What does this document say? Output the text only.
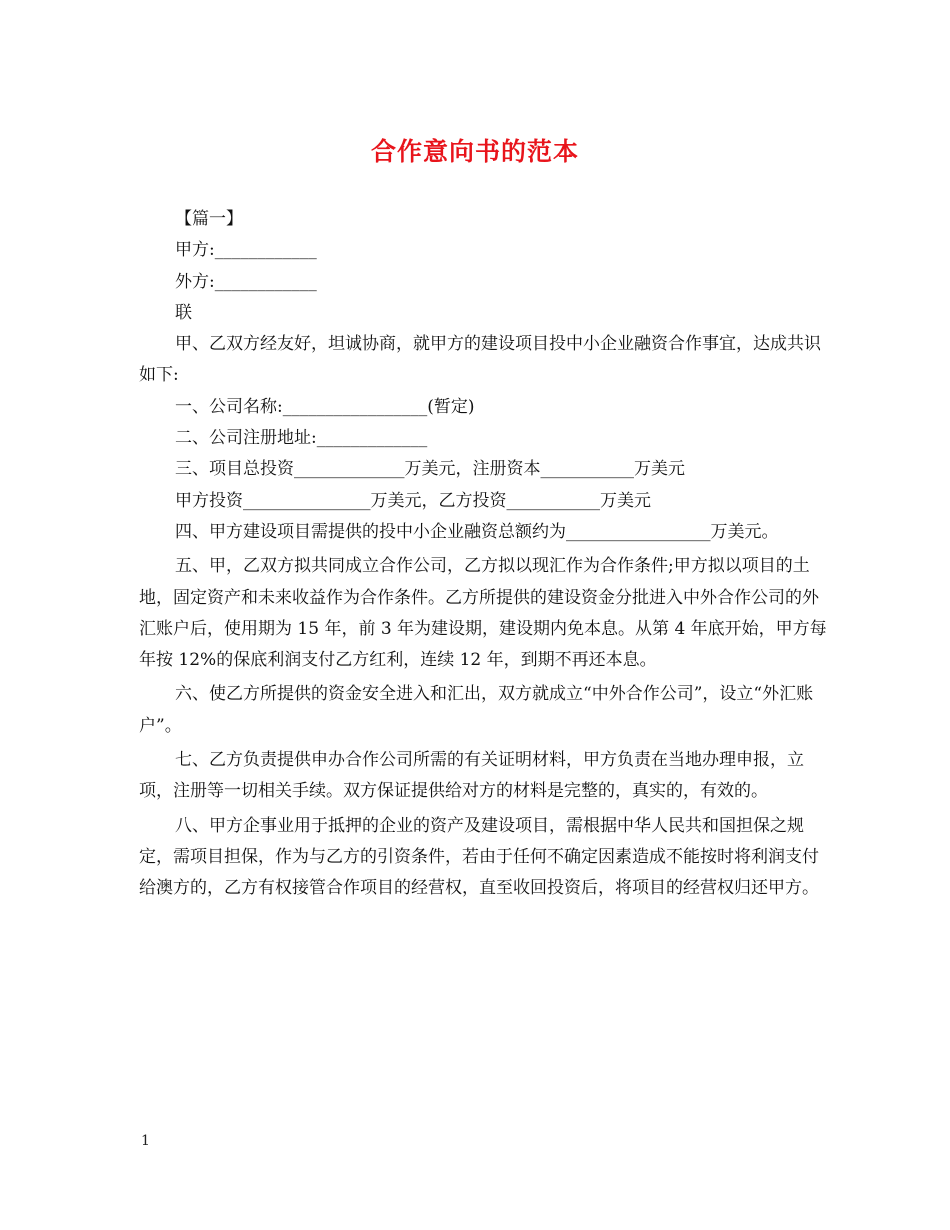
合作意向书的范本

【篇一】

甲方:____________

外方:____________

联

甲、乙双方经友好，坦诚协商，就甲方的建设项目投中小企业融资合作事宜，达成共识如下:

一、公司名称:_________________(暂定)

二、公司注册地址:_____________

三、项目总投资_____________万美元，注册资本___________万美元

甲方投资_______________万美元，乙方投资___________万美元

四、甲方建设项目需提供的投中小企业融资总额约为_________________万美元。

五、甲，乙双方拟共同成立合作公司，乙方拟以现汇作为合作条件;甲方拟以项目的土地，固定资产和未来收益作为合作条件。乙方所提供的建设资金分批进入中外合作公司的外汇账户后，使用期为 15 年，前 3 年为建设期，建设期内免本息。从第 4 年底开始，甲方每年按 12%的保底利润支付乙方红利，连续 12 年，到期不再还本息。

六、使乙方所提供的资金安全进入和汇出，双方就成立“中外合作公司”，设立“外汇账户”。

七、乙方负责提供申办合作公司所需的有关证明材料，甲方负责在当地办理申报，立项，注册等一切相关手续。双方保证提供给对方的材料是完整的，真实的，有效的。

八、甲方企事业用于抵押的企业的资产及建设项目，需根据中华人民共和国担保之规定，需项目担保，作为与乙方的引资条件，若由于任何不确定因素造成不能按时将利润支付给澳方的，乙方有权接管合作项目的经营权，直至收回投资后，将项目的经营权归还甲方。

1
